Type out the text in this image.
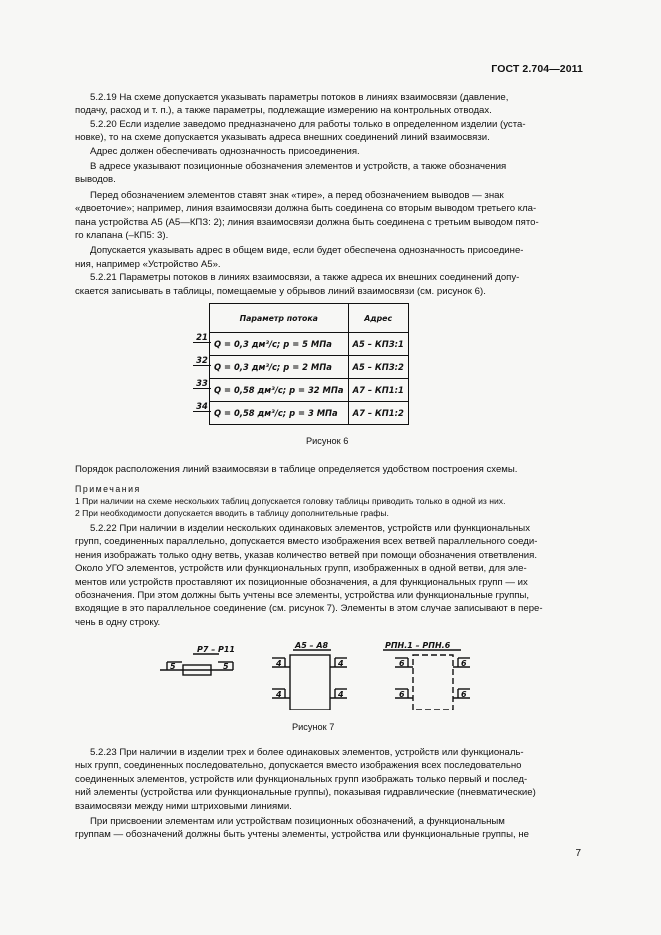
ГОСТ 2.704—2011
5.2.19 На схеме допускается указывать параметры потоков в линиях взаимосвязи (давление,
подачу, расход и т. п.), а также параметры, подлежащие измерению на контрольных отводах.
5.2.20 Если изделие заведомо предназначено для работы только в определенном изделии (уста-
новке), то на схеме допускается указывать адреса внешних соединений линий взаимосвязи.
Адрес должен обеспечивать однозначность присоединения.
В адресе указывают позиционные обозначения элементов и устройств, а также обозначения
выводов.
Перед обозначением элементов ставят знак «тире», а перед обозначением выводов — знак
«двоеточие»; например, линия взаимосвязи должна быть соединена со вторым выводом третьего кла-
пана устройства А5 (А5—КПЗ: 2); линия взаимосвязи должна быть соединена с третьим выводом пято-
го клапана (–КП5: 3).
Допускается указывать адрес в общем виде, если будет обеспечена однозначность присоедине-
ния, например «Устройство А5».
5.2.21 Параметры потоков в линиях взаимосвязи, а также адреса их внешних соединений допу-
скается записывать в таблицы, помещаемые у обрывов линий взаимосвязи (см. рисунок 6).
Параметр потока	Адрес
Q = 0,3 дм³/с; p = 5 МПа	А5 – КПЗ:1
Q = 0,3 дм³/с; p = 2 МПа	А5 – КПЗ:2
Q = 0,58 дм³/с; p = 32 МПа	А7 – КП1:1
Q = 0,58 дм³/с; p = 3 МПа	А7 – КП1:2
21
32
33
34
Рисунок 6
Порядок расположения линий взаимосвязи в таблице определяется удобством построения схемы.
Примечания
1 При наличии на схеме нескольких таблиц допускается головку таблицы приводить только в одной из них.
2 При необходимости допускается вводить в таблицу дополнительные графы.
5.2.22 При наличии в изделии нескольких одинаковых элементов, устройств или функциональных
групп, соединенных параллельно, допускается вместо изображения всех ветвей параллельного соеди-
нения изображать только одну ветвь, указав количество ветвей при помощи обозначения ответвления.
Около УГО элементов, устройств или функциональных групп, изображенных в одной ветви, для эле-
ментов или устройств проставляют их позиционные обозначения, а для функциональных групп — их
обозначения. При этом должны быть учтены все элементы, устройства или функциональные группы,
входящие в это параллельное соединение (см. рисунок 7). Элементы в этом случае записывают в пере-
чень в одну строку.
Р7 – Р11
5	5
А5 – А8
4	4
4	4
РПН.1 – РПН.6
6	6
6	6
Рисунок 7
5.2.23 При наличии в изделии трех и более одинаковых элементов, устройств или функциональ-
ных групп, соединенных последовательно, допускается вместо изображения всех последовательно
соединенных элементов, устройств или функциональных групп изображать только первый и послед-
ний элементы (устройства или функциональные группы), показывая гидравлические (пневматические)
взаимосвязи между ними штриховыми линиями.
При присвоении элементам или устройствам позиционных обозначений, а функциональным
группам — обозначений должны быть учтены элементы, устройства или функциональные группы, не
7
